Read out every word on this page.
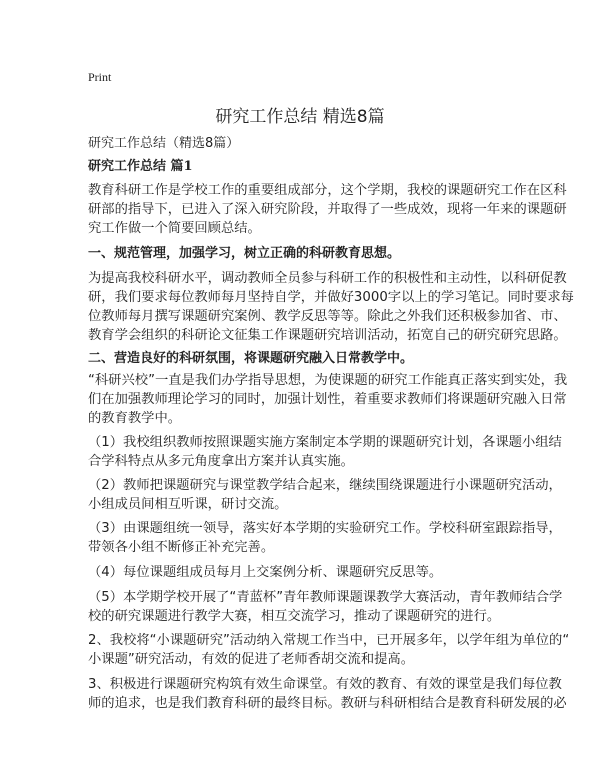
Print
研究工作总结 精选8篇
研究工作总结（精选8篇）
研究工作总结 篇1
教育科研工作是学校工作的重要组成部分，这个学期，我校的课题研究工作在区科
研部的指导下，已进入了深入研究阶段，并取得了一些成效，现将一年来的课题研
究工作做一个简要回顾总结。
一、规范管理，加强学习，树立正确的科研教育思想。
为提高我校科研水平，调动教师全员参与科研工作的积极性和主动性，以科研促教
研，我们要求每位教师每月坚持自学，并做好3000字以上的学习笔记。同时要求每
位教师每月撰写课题研究案例、教学反思等等。除此之外我们还积极参加省、市、
教育学会组织的科研论文征集工作课题研究培训活动，拓宽自己的研究研究思路。
二、营造良好的科研氛围，将课题研究融入日常教学中。
“科研兴校”一直是我们办学指导思想，为使课题的研究工作能真正落实到实处，我
们在加强教师理论学习的同时，加强计划性，着重要求教师们将课题研究融入日常
的教育教学中。
（1）我校组织教师按照课题实施方案制定本学期的课题研究计划，各课题小组结
合学科特点从多元角度拿出方案并认真实施。
（2）教师把课题研究与课堂教学结合起来，继续围绕课题进行小课题研究活动，
小组成员间相互听课，研讨交流。
（3）由课题组统一领导，落实好本学期的实验研究工作。学校科研室跟踪指导，
带领各小组不断修正补充完善。
（4）每位课题组成员每月上交案例分析、课题研究反思等。
（5）本学期学校开展了“青蓝杯”青年教师课题课教学大赛活动，青年教师结合学
校的研究课题进行教学大赛，相互交流学习，推动了课题研究的进行。
2、我校将“小课题研究”活动纳入常规工作当中，已开展多年，以学年组为单位的“
小课题”研究活动，有效的促进了老师香胡交流和提高。
3、积极进行课题研究构筑有效生命课堂。有效的教育、有效的课堂是我们每位教
师的追求，也是我们教育科研的最终目标。教研与科研相结合是教育科研发展的必
